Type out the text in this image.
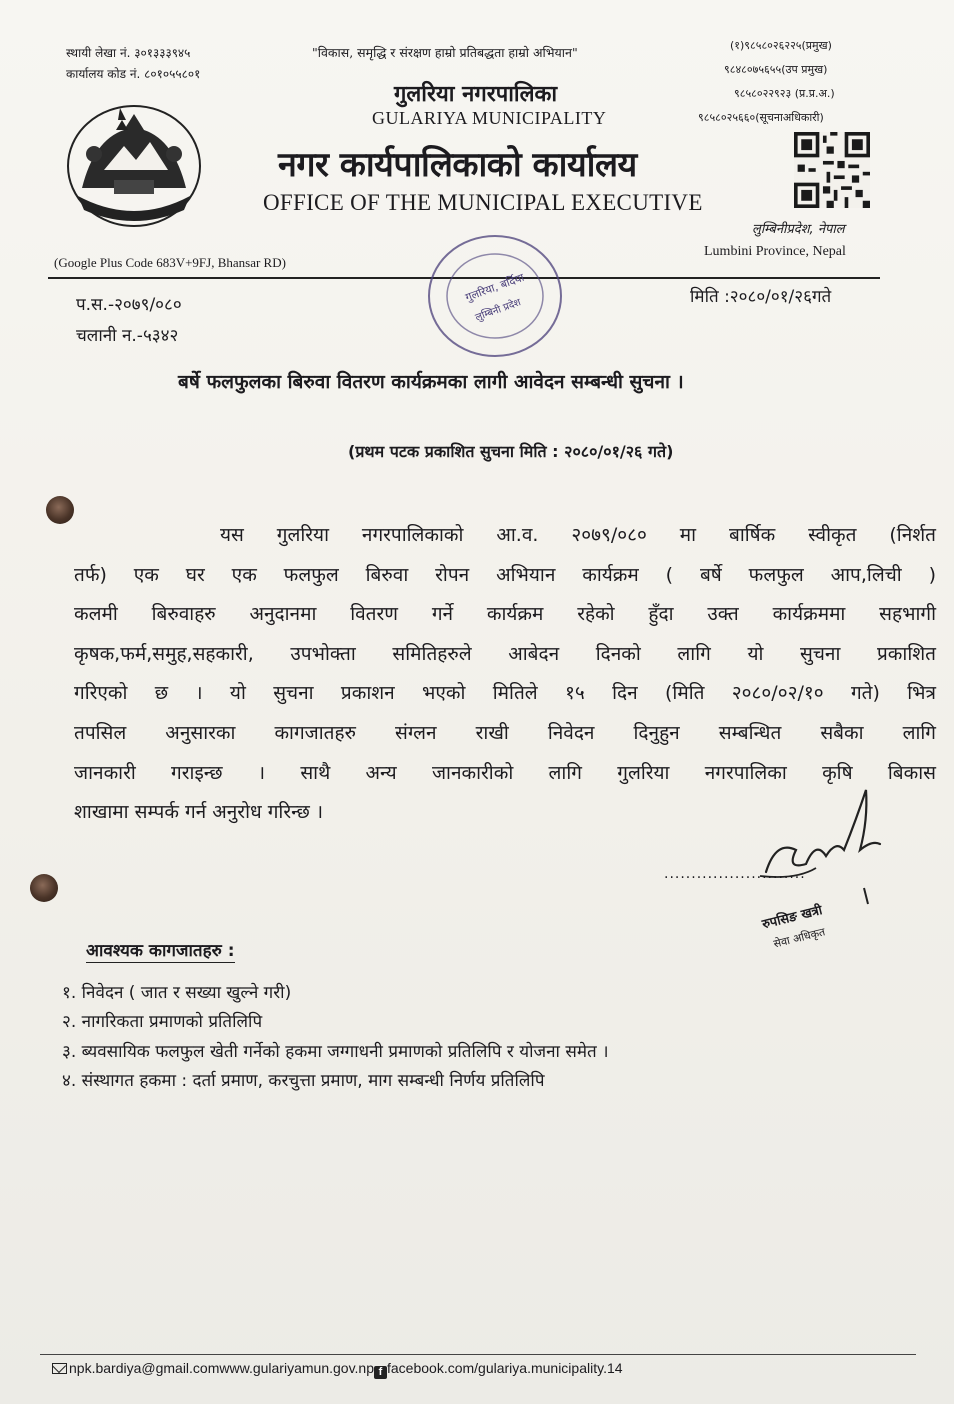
स्थायी लेखा नं. ३०१३३३९४५
कार्यालय कोड नं. ८०१०५५८०१
"विकास, समृद्धि र संरक्षण हाम्रो प्रतिबद्धता हाम्रो अभियान"
गुलरिया नगरपालिका
GULARIYA MUNICIPALITY
नगर कार्यपालिकाको कार्यालय
OFFICE OF THE MUNICIPAL EXECUTIVE
(१)९८५८०२६२२५(प्रमुख)
९८४८०७५६५५(उप प्रमुख)
९८५८०२२९२३ (प्र.प्र.अ.)
९८५८०२५६६०(सूचनाअधिकारी)
लुम्बिनीप्रदेश, नेपाल
Lumbini Province, Nepal
(Google Plus Code 683V+9FJ, Bhansar RD)
गुलरिया, बर्दिया
लुम्बिनी प्रदेश
प.स.-२०७९/०८०
चलानी न.-५३४२
मिति :२०८०/०१/२६गते
बर्षे फलफुलका बिरुवा वितरण कार्यक्रमका लागी आवेदन सम्बन्धी सुचना ।
(प्रथम पटक प्रकाशित सुचना मिति : २०८०/०१/२६ गते)
यस गुलरिया नगरपालिकाको आ.व. २०७९/०८० मा बार्षिक स्वीकृत (निर्शत
तर्फ) एक घर एक फलफुल बिरुवा रोपन अभियान कार्यक्रम ( बर्षे फलफुल आप,लिची )
कलमी बिरुवाहरु अनुदानमा वितरण गर्ने कार्यक्रम रहेको हुँदा उक्त कार्यक्रममा सहभागी
कृषक,फर्म,समुह,सहकारी, उपभोक्ता समितिहरुले आबेदन दिनको लागि यो सुचना प्रकाशित
गरिएको छ । यो सुचना प्रकाशन भएको मितिले १५ दिन (मिति २०८०/०२/१० गते) भित्र
तपसिल अनुसारका कागजातहरु संग्लन राखी निवेदन दिनुहुन सम्बन्धित सबैका लागि
जानकारी गराइन्छ । साथै अन्य जानकारीको लागि गुलरिया नगरपालिका कृषि बिकास
शाखामा सम्पर्क गर्न अनुरोध गरिन्छ ।
..........................
रुपसिङ खत्री
सेवा अधिकृत
आवश्यक कागजातहरु :
१. निवेदन ( जात र सख्या खुल्ने गरी)
२. नागरिकता प्रमाणको प्रतिलिपि
३. ब्यवसायिक फलफुल खेती गर्नेको हकमा जग्गाधनी प्रमाणको प्रतिलिपि र योजना समेत ।
४. संस्थागत हकमा : दर्ता प्रमाण, करचुत्ता प्रमाण, माग सम्बन्धी निर्णय प्रतिलिपि
npk.bardiya@gmail.comwww.gulariyamun.gov.np f facebook.com/gulariya.municipality.14
